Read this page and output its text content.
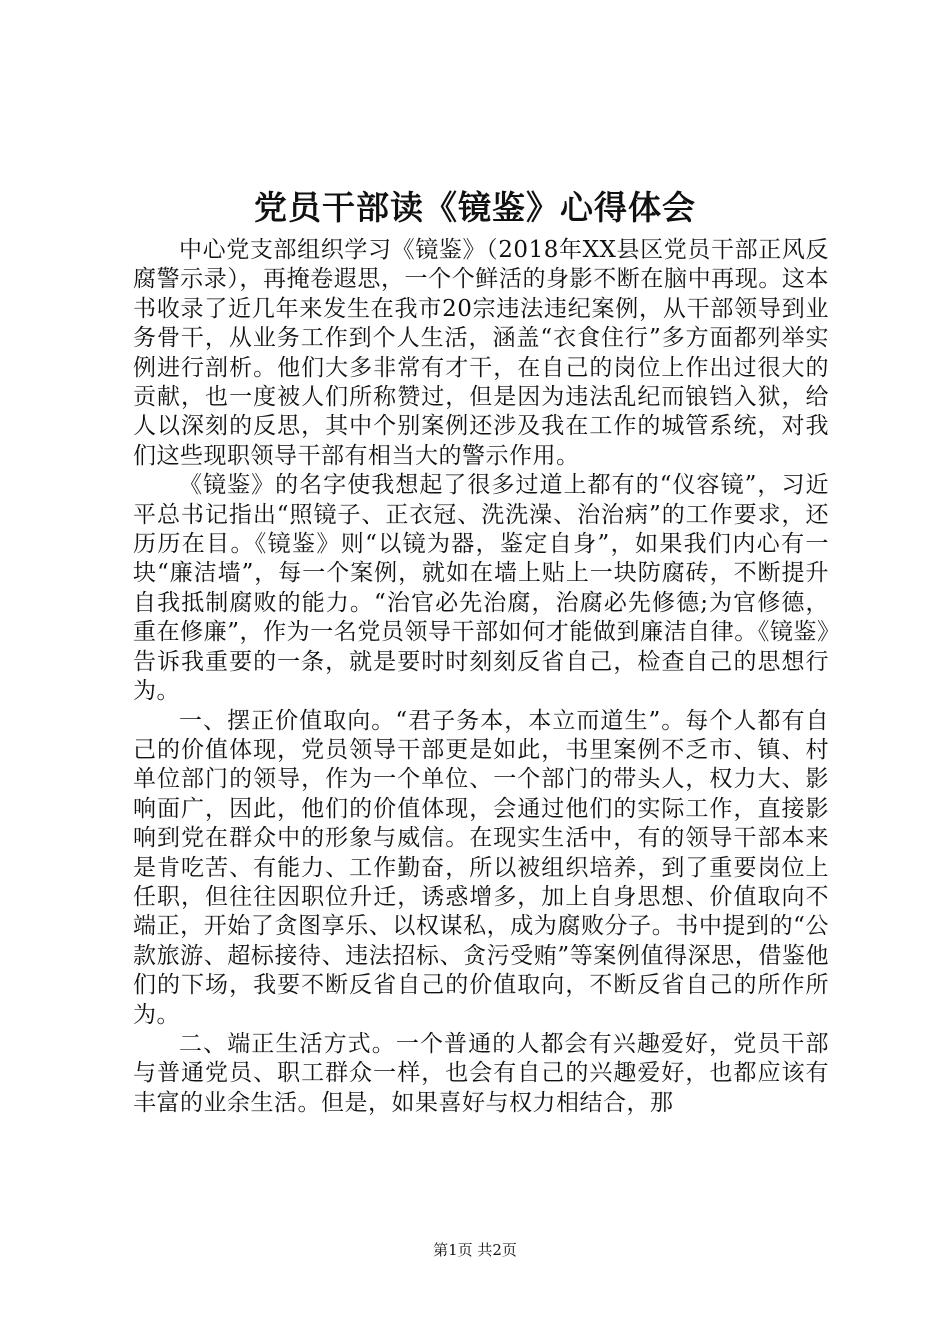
党员干部读《镜鉴》心得体会

中心党支部组织学习《镜鉴》（2018年XX县区党员干部正风反腐警示录），再掩卷遐思，一个个鲜活的身影不断在脑中再现。这本书收录了近几年来发生在我市20宗违法违纪案例，从干部领导到业务骨干，从业务工作到个人生活，涵盖“衣食住行”多方面都列举实例进行剖析。他们大多非常有才干，在自己的岗位上作出过很大的贡献，也一度被人们所称赞过，但是因为违法乱纪而锒铛入狱，给人以深刻的反思，其中个别案例还涉及我在工作的城管系统，对我们这些现职领导干部有相当大的警示作用。

《镜鉴》的名字使我想起了很多过道上都有的“仪容镜”，习近平总书记指出“照镜子、正衣冠、洗洗澡、治治病”的工作要求，还历历在目。《镜鉴》则“以镜为器，鉴定自身”，如果我们内心有一块“廉洁墙”，每一个案例，就如在墙上贴上一块防腐砖，不断提升自我抵制腐败的能力。“治官必先治腐，治腐必先修德;为官修德，重在修廉”，作为一名党员领导干部如何才能做到廉洁自律。《镜鉴》告诉我重要的一条，就是要时时刻刻反省自己，检查自己的思想行为。

一、摆正价值取向。“君子务本，本立而道生”。每个人都有自己的价值体现，党员领导干部更是如此，书里案例不乏市、镇、村单位部门的领导，作为一个单位、一个部门的带头人，权力大、影响面广，因此，他们的价值体现，会通过他们的实际工作，直接影响到党在群众中的形象与威信。在现实生活中，有的领导干部本来是肯吃苦、有能力、工作勤奋，所以被组织培养，到了重要岗位上任职，但往往因职位升迁，诱惑增多，加上自身思想、价值取向不端正，开始了贪图享乐、以权谋私，成为腐败分子。书中提到的“公款旅游、超标接待、违法招标、贪污受贿”等案例值得深思，借鉴他们的下场，我要不断反省自己的价值取向，不断反省自己的所作所为。

二、端正生活方式。一个普通的人都会有兴趣爱好，党员干部与普通党员、职工群众一样，也会有自己的兴趣爱好，也都应该有丰富的业余生活。但是，如果喜好与权力相结合，那

第1页 共2页
